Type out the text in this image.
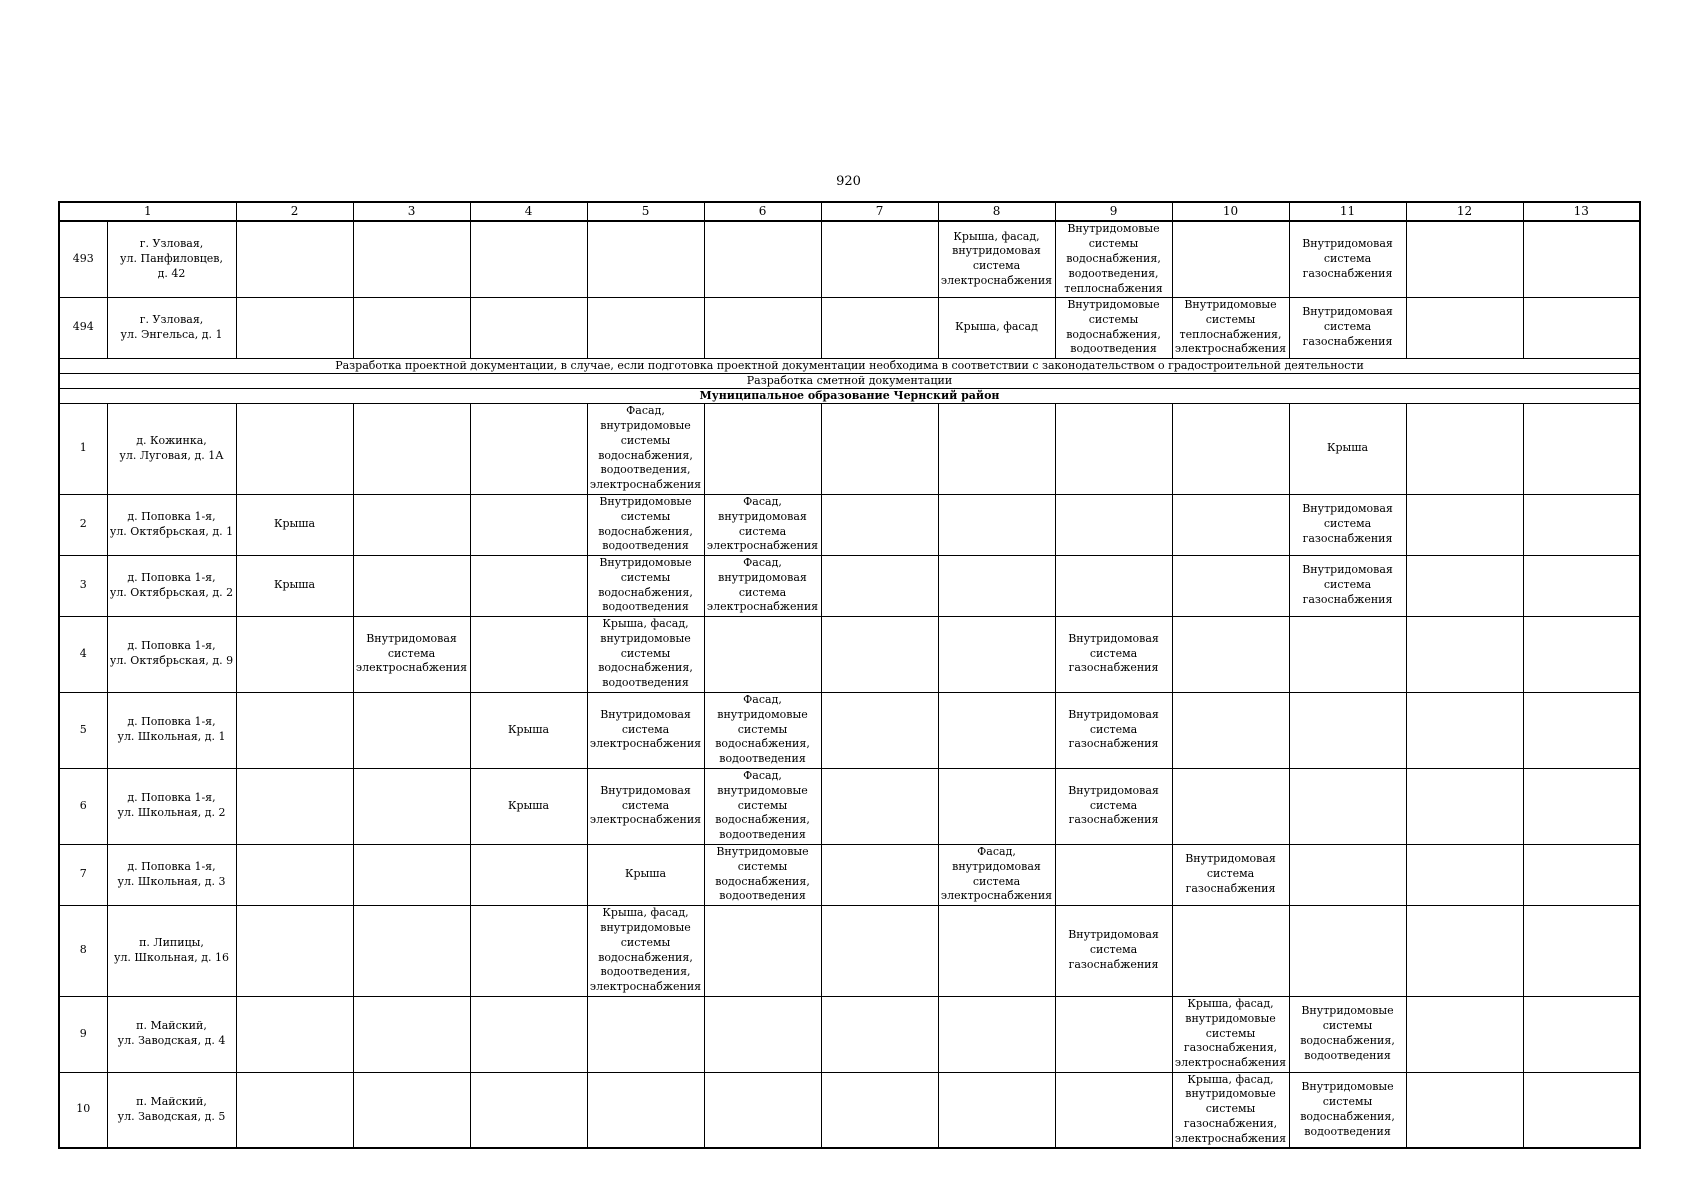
920
1		2	3	4	5	6	7	8	9	10	11	12	13
493	г. Узловая,
ул. Панфиловцев,
д. 42							Крыша, фасад, внутридомовая система электроснабжения	Внутридомовые системы водоснабжения, водоотведения, теплоснабжения		Внутридомовая система газоснабжения		
494	г. Узловая,
ул. Энгельса, д. 1							Крыша, фасад	Внутридомовые системы водоснабжения, водоотведения	Внутридомовые системы теплоснабжения, электроснабжения	Внутридомовая система газоснабжения		
Разработка проектной документации, в случае, если подготовка проектной документации необходима в соответствии с законодательством о градостроительной деятельности													
Разработка сметной документации													
Муниципальное образование Чернский район													
1	д. Кожинка,
ул. Луговая, д. 1А				Фасад, внутридомовые системы водоснабжения, водоотведения, электроснабжения						Крыша		
2	д. Поповка 1-я,
ул. Октябрьская, д. 1	Крыша			Внутридомовые системы водоснабжения, водоотведения	Фасад, внутридомовая система электроснабжения					Внутридомовая система газоснабжения		
3	д. Поповка 1-я,
ул. Октябрьская, д. 2	Крыша			Внутридомовые системы водоснабжения, водоотведения	Фасад, внутридомовая система электроснабжения					Внутридомовая система газоснабжения		
4	д. Поповка 1-я,
ул. Октябрьская, д. 9		Внутридомовая система электроснабжения		Крыша, фасад, внутридомовые системы водоснабжения, водоотведения				Внутридомовая система газоснабжения				
5	д. Поповка 1-я,
ул. Школьная, д. 1			Крыша	Внутридомовая система электроснабжения	Фасад, внутридомовые системы водоснабжения, водоотведения			Внутридомовая система газоснабжения				
6	д. Поповка 1-я,
ул. Школьная, д. 2			Крыша	Внутридомовая система электроснабжения	Фасад, внутридомовые системы водоснабжения, водоотведения			Внутридомовая система газоснабжения				
7	д. Поповка 1-я,
ул. Школьная, д. 3				Крыша	Внутридомовые системы водоснабжения, водоотведения		Фасад, внутридомовая система электроснабжения		Внутридомовая система газоснабжения			
8	п. Липицы,
ул. Школьная, д. 16				Крыша, фасад, внутридомовые системы водоснабжения, водоотведения, электроснабжения				Внутридомовая система газоснабжения				
9	п. Майский,
ул. Заводская, д. 4									Крыша, фасад, внутридомовые системы газоснабжения, электроснабжения	Внутридомовые системы водоснабжения, водоотведения		
10	п. Майский,
ул. Заводская, д. 5									Крыша, фасад, внутридомовые системы газоснабжения, электроснабжения	Внутридомовые системы водоснабжения, водоотведения		
